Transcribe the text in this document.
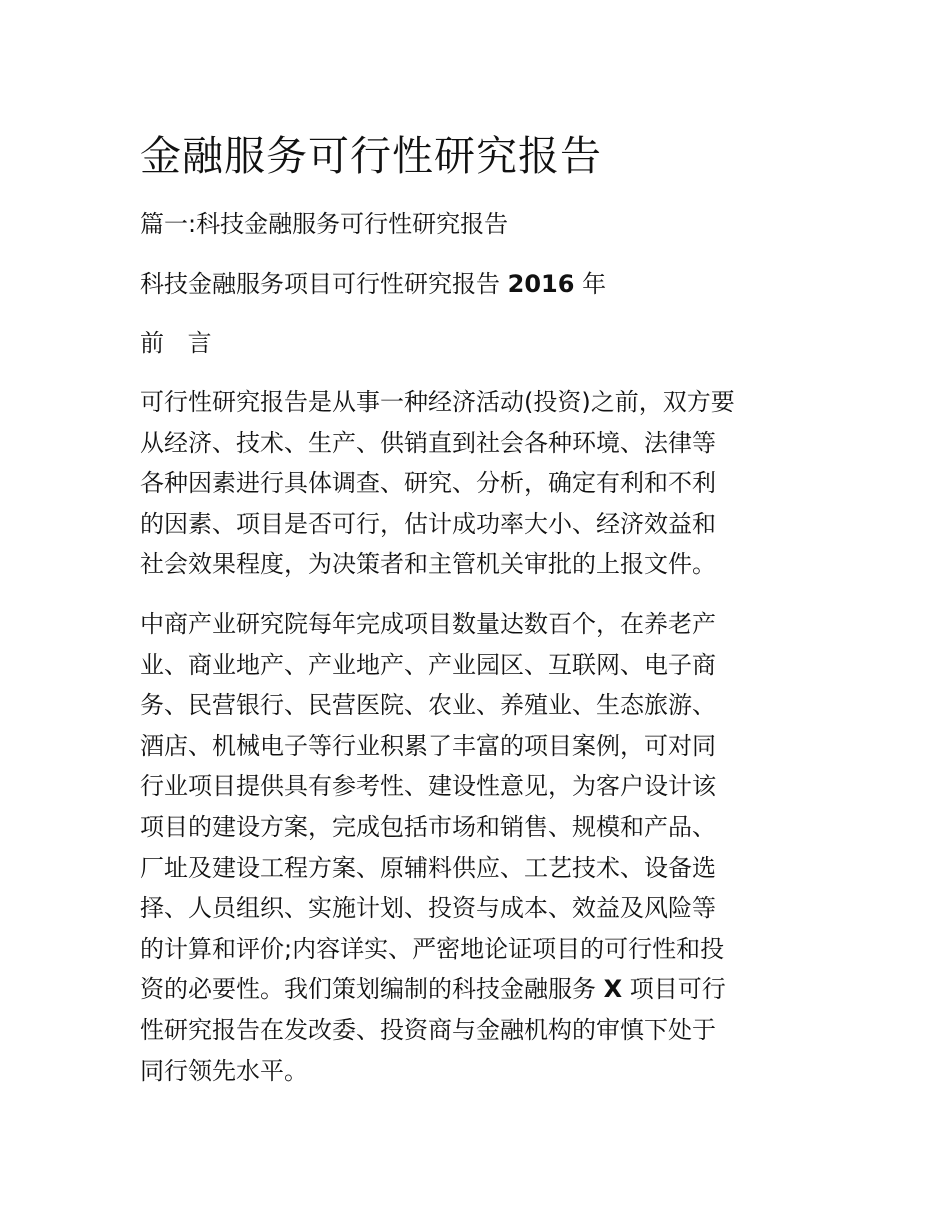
金融服务可行性研究报告

篇一:科技金融服务可行性研究报告

科技金融服务项目可行性研究报告 2016 年

前 言

可行性研究报告是从事一种经济活动(投资)之前，双方要
从经济、技术、生产、供销直到社会各种环境、法律等
各种因素进行具体调查、研究、分析，确定有利和不利
的因素、项目是否可行，估计成功率大小、经济效益和
社会效果程度，为决策者和主管机关审批的上报文件。
中商产业研究院每年完成项目数量达数百个，在养老产
业、商业地产、产业地产、产业园区、互联网、电子商
务、民营银行、民营医院、农业、养殖业、生态旅游、
酒店、机械电子等行业积累了丰富的项目案例，可对同
行业项目提供具有参考性、建设性意见，为客户设计该
项目的建设方案，完成包括市场和销售、规模和产品、
厂址及建设工程方案、原辅料供应、工艺技术、设备选
择、人员组织、实施计划、投资与成本、效益及风险等
的计算和评价;内容详实、严密地论证项目的可行性和投
资的必要性。我们策划编制的科技金融服务 X 项目可行
性研究报告在发改委、投资商与金融机构的审慎下处于
同行领先水平。
